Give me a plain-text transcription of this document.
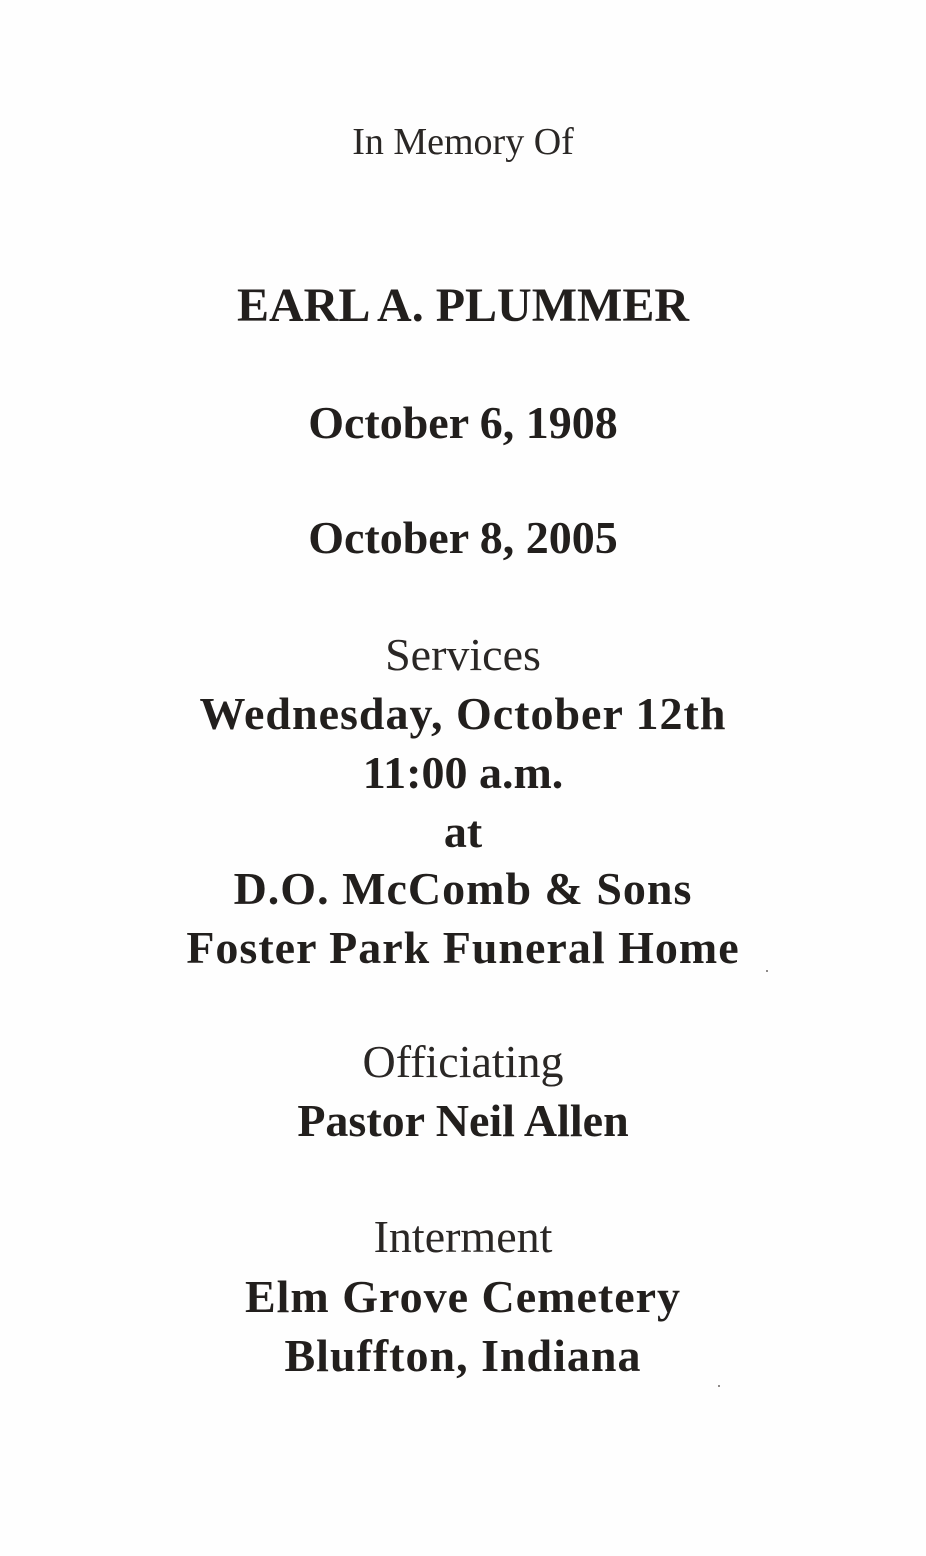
In Memory Of
EARL A. PLUMMER
October 6, 1908
October 8, 2005
Services
Wednesday, October 12th
11:00 a.m.
at
D.O. McComb & Sons
Foster Park Funeral Home
Officiating
Pastor Neil Allen
Interment
Elm Grove Cemetery
Bluffton, Indiana
